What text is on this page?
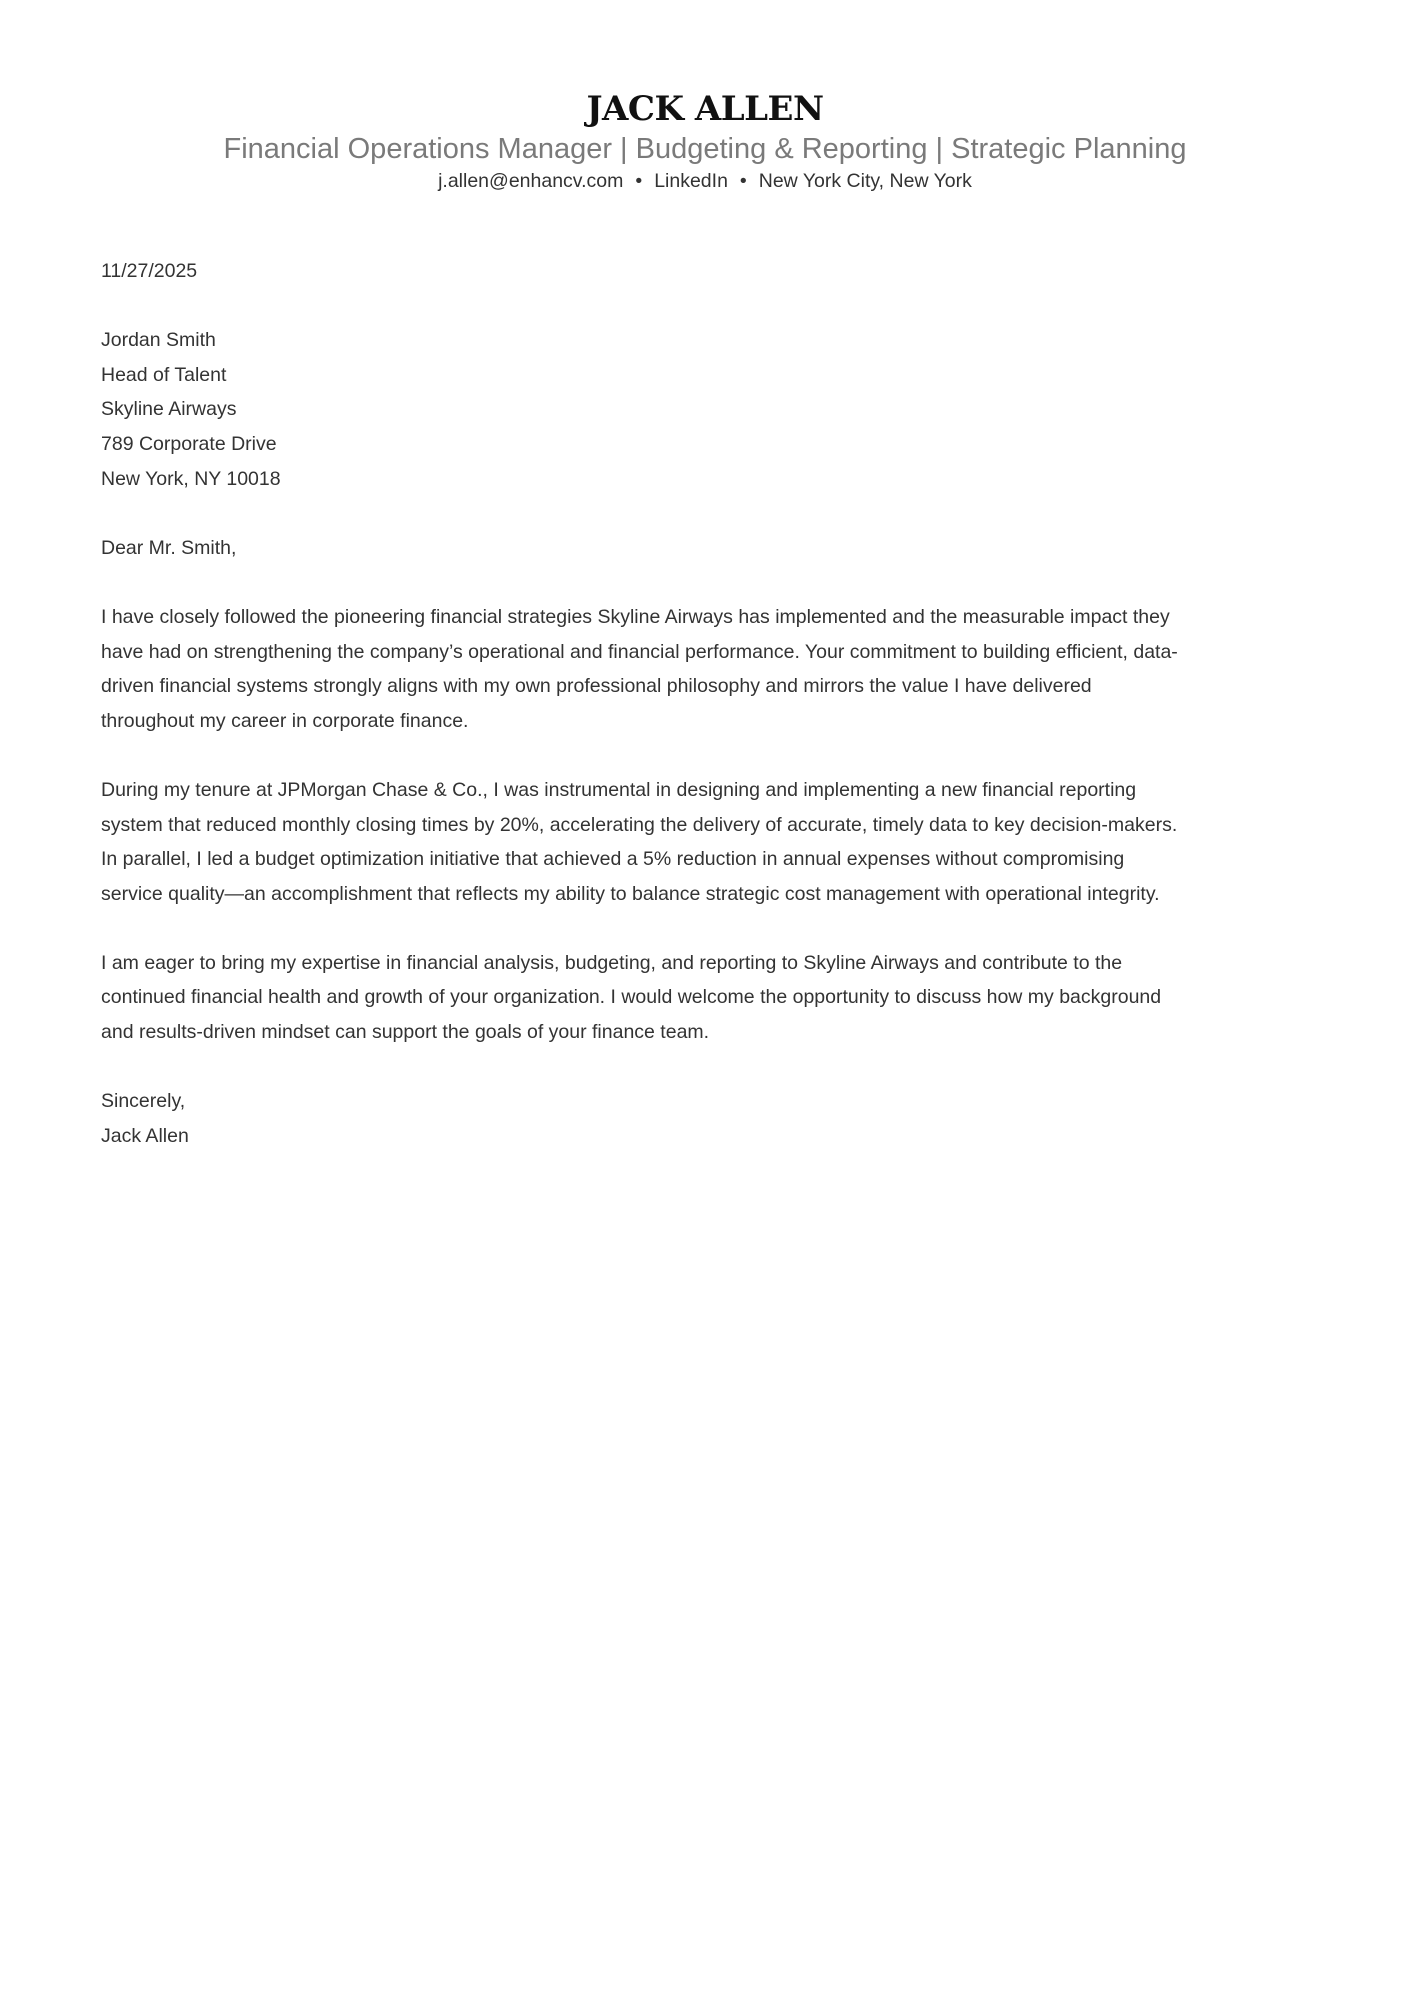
JACK ALLEN
Financial Operations Manager | Budgeting & Reporting | Strategic Planning
j.allen@enhancv.com • LinkedIn • New York City, New York
11/27/2025
Jordan Smith
Head of Talent
Skyline Airways
789 Corporate Drive
New York, NY 10018
Dear Mr. Smith,
I have closely followed the pioneering financial strategies Skyline Airways has implemented and the measurable impact they
have had on strengthening the company’s operational and financial performance. Your commitment to building efficient, data-
driven financial systems strongly aligns with my own professional philosophy and mirrors the value I have delivered
throughout my career in corporate finance.
During my tenure at JPMorgan Chase & Co., I was instrumental in designing and implementing a new financial reporting
system that reduced monthly closing times by 20%, accelerating the delivery of accurate, timely data to key decision-makers.
In parallel, I led a budget optimization initiative that achieved a 5% reduction in annual expenses without compromising
service quality—an accomplishment that reflects my ability to balance strategic cost management with operational integrity.
I am eager to bring my expertise in financial analysis, budgeting, and reporting to Skyline Airways and contribute to the
continued financial health and growth of your organization. I would welcome the opportunity to discuss how my background
and results-driven mindset can support the goals of your finance team.
Sincerely,
Jack Allen
